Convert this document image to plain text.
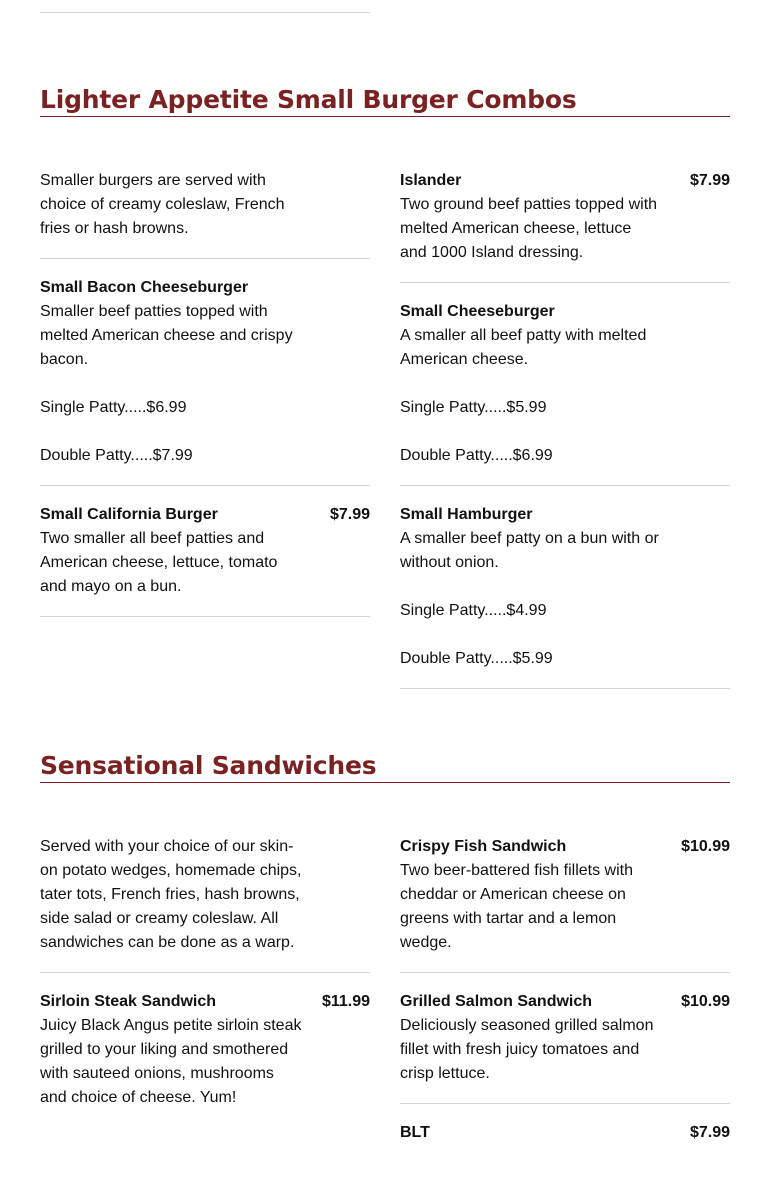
Lighter Appetite Small Burger Combos
Smaller burgers are served with choice of creamy coleslaw, French fries or hash browns.
Small Bacon Cheeseburger
Smaller beef patties topped with melted American cheese and crispy bacon.
Single Patty.....$6.99
Double Patty.....$7.99
Small California Burger	$7.99
Two smaller all beef patties and American cheese, lettuce, tomato and mayo on a bun.
Islander	$7.99
Two ground beef patties topped with melted American cheese, lettuce and 1000 Island dressing.
Small Cheeseburger
A smaller all beef patty with melted American cheese.
Single Patty.....$5.99
Double Patty.....$6.99
Small Hamburger
A smaller beef patty on a bun with or without onion.
Single Patty.....$4.99
Double Patty.....$5.99
Sensational Sandwiches
Served with your choice of our skin-on potato wedges, homemade chips, tater tots, French fries, hash browns, side salad or creamy coleslaw. All sandwiches can be done as a warp.
Sirloin Steak Sandwich	$11.99
Juicy Black Angus petite sirloin steak grilled to your liking and smothered with sauteed onions, mushrooms and choice of cheese. Yum!
Crispy Fish Sandwich	$10.99
Two beer-battered fish fillets with cheddar or American cheese on greens with tartar and a lemon wedge.
Grilled Salmon Sandwich	$10.99
Deliciously seasoned grilled salmon fillet with fresh juicy tomatoes and crisp lettuce.
BLT	$7.99
